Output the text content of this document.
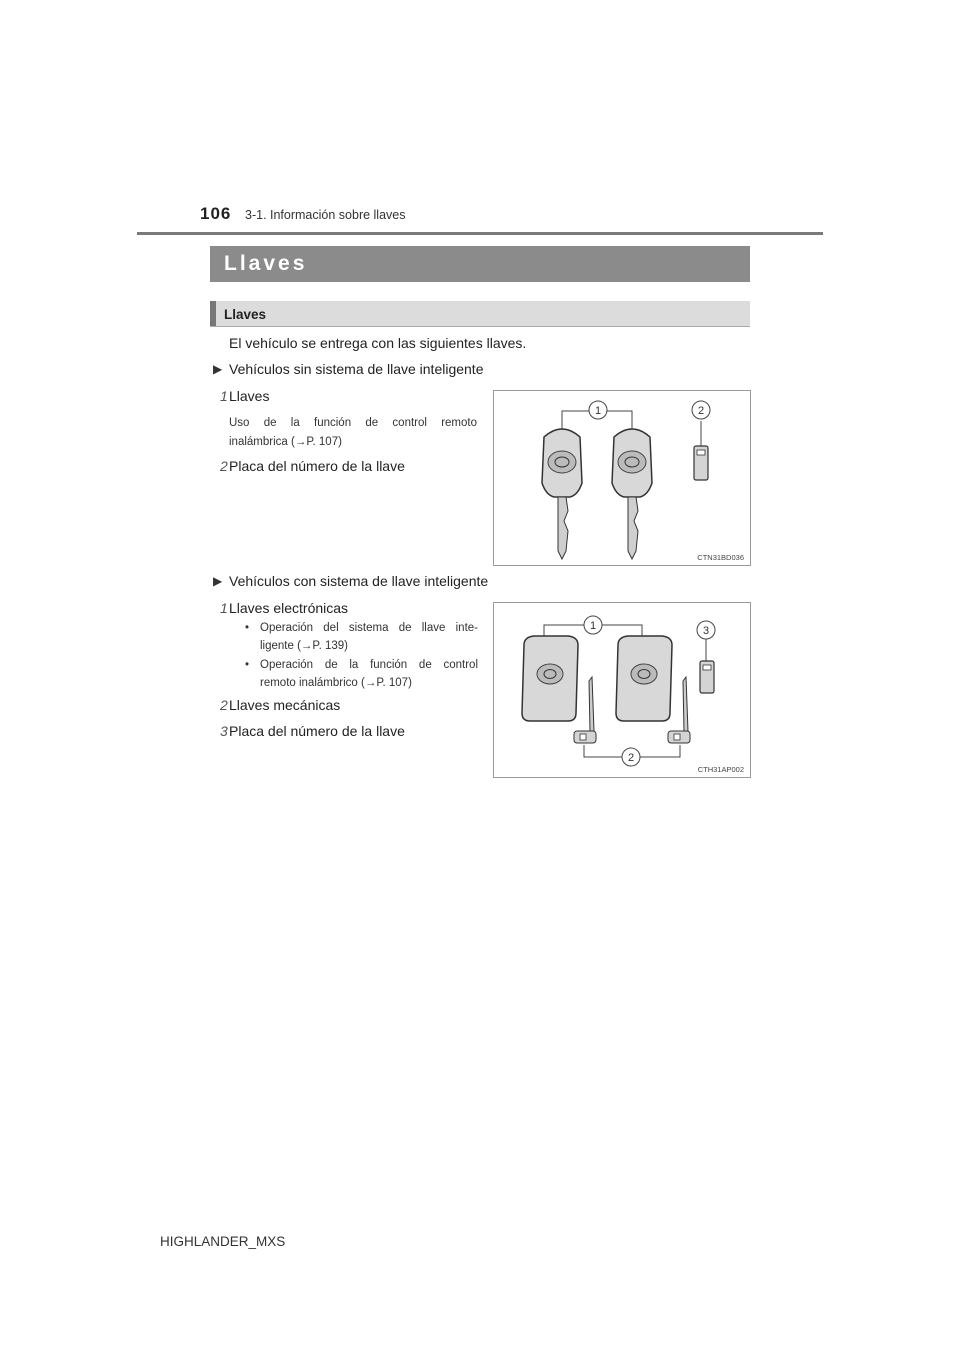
106 3-1. Información sobre llaves
Llaves
Llaves
El vehículo se entrega con las siguientes llaves.
▶ Vehículos sin sistema de llave inteligente
1 Llaves
Uso de la función de control remoto
inalámbrica (→P. 107)
2 Placa del número de la llave
1	2
CTN31BD036
▶ Vehículos con sistema de llave inteligente
1 Llaves electrónicas
• Operación del sistema de llave inte-
ligente (→P. 139)
• Operación de la función de control
remoto inalámbrico (→P. 107)
2 Llaves mecánicas
3 Placa del número de la llave
1	3
2
CTH31AP002
HIGHLANDER_MXS
